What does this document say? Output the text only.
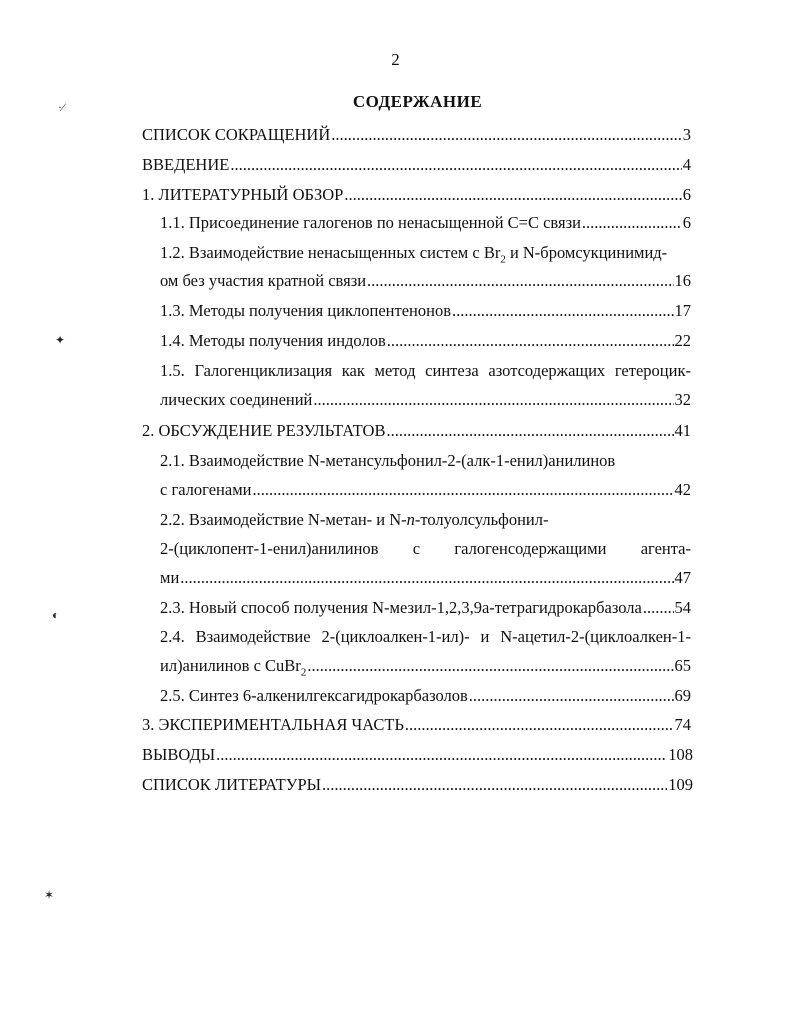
2
СОДЕРЖАНИЕ
·⁄
✦
◐
✶
СПИСОК СОКРАЩЕНИЙ .....	3
ВВЕДЕНИЕ .....	4
1. ЛИТЕРАТУРНЫЙ ОБЗОР .....	6
1.1. Присоединение галогенов по ненасыщенной С=С связи .....	6
1.2. Взаимодействие ненасыщенных систем с $Br_2$ и N-бромсукцинимид-
ом без участия кратной связи .....	16
1.3. Методы получения циклопентенонов .....	17
1.4. Методы получения индолов .....	22
1.5. Галогенциклизация как метод синтеза азотсодержащих гетероцик-
лических соединений .....	32
2. ОБСУЖДЕНИЕ РЕЗУЛЬТАТОВ .....	41
2.1. Взаимодействие N-метансульфонил-2-(алк-1-енил)анилинов
с галогенами .....	42
2.2. Взаимодействие N-метан- и N-п-толуолсульфонил-
2-(циклопент-1-енил)анилинов с галогенсодержащими агента-
ми .....	47
2.3. Новый способ получения N-мезил-1,2,3,9а-тетрагидрокарбазола ..... 54
2.4. Взаимодействие 2-(циклоалкен-1-ил)- и N-ацетил-2-(циклоалкен-1-
ил)анилинов с CuBr$_2$ .....	65
2.5. Синтез 6-алкенилгексагидрокарбазолов .....	69
3. ЭКСПЕРИМЕНТАЛЬНАЯ ЧАСТЬ .....	74
ВЫВОДЫ .....	108
СПИСОК ЛИТЕРАТУРЫ .....	109
